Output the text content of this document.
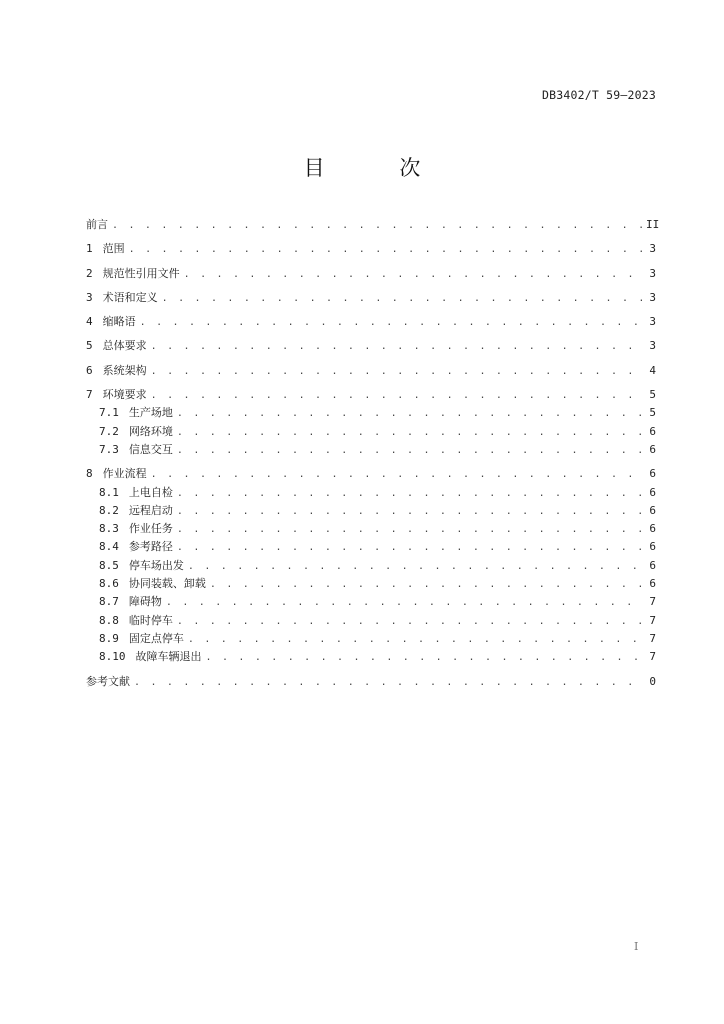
DB3402/T 59—2023
目 次
前言 . . .	II
1 范围 . . .	3
2 规范性引用文件 . . .	3
3 术语和定义 . . .	3
4 缩略语 . . .	3
5 总体要求 . . .	3
6 系统架构 . . .	4
7 环境要求 . . .	5
7.1 生产场地 . . .	5
7.2 网络环境 . . .	6
7.3 信息交互 . . .	6
8 作业流程 . . .	6
8.1 上电自检 . . .	6
8.2 远程启动 . . .	6
8.3 作业任务 . . .	6
8.4 参考路径 . . .	6
8.5 停车场出发 . . .	6
8.6 协同装载、卸载 . . .	6
8.7 障碍物 . . .	7
8.8 临时停车 . . .	7
8.9 固定点停车 . . .	7
8.10 故障车辆退出 . . .	7
参考文献 . . .	0
I
